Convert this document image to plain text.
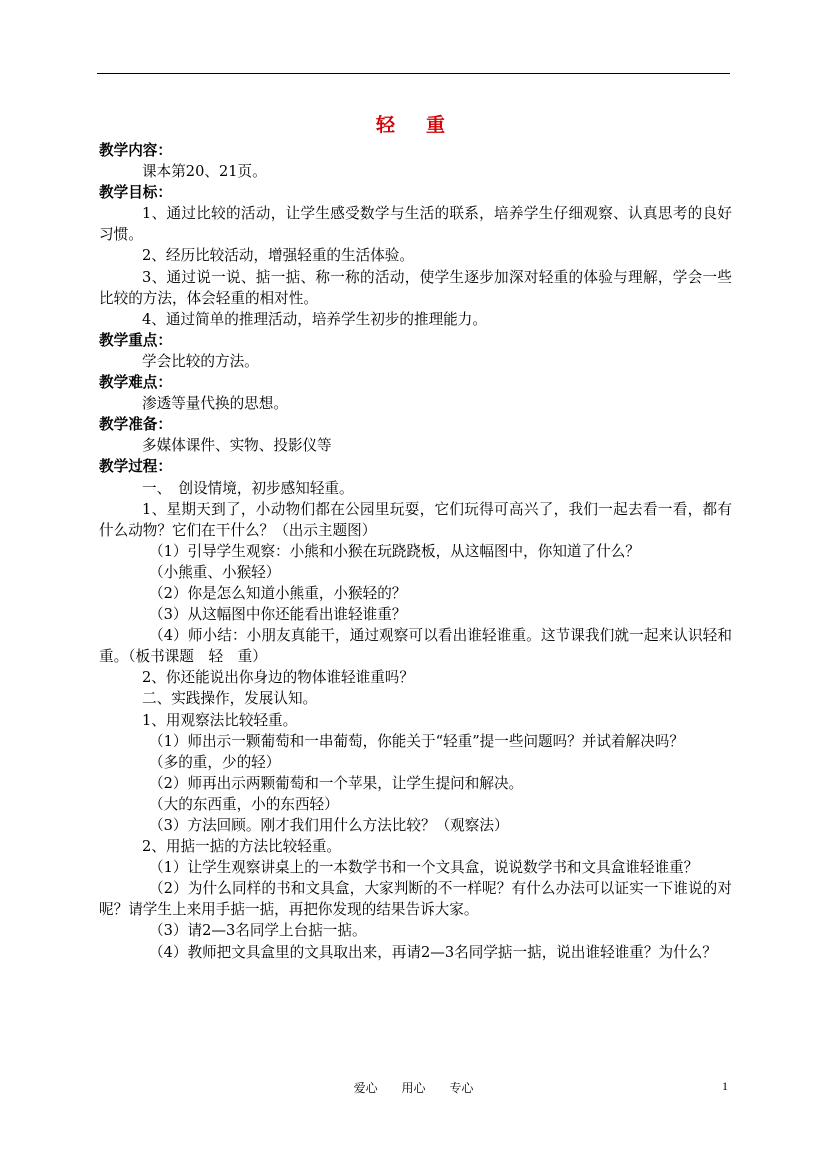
轻　重

教学内容：

课本第20、21页。

教学目标：

1、通过比较的活动，让学生感受数学与生活的联系，培养学生仔细观察、认真思考的良好习惯。

2、经历比较活动，增强轻重的生活体验。

3、通过说一说、掂一掂、称一称的活动，使学生逐步加深对轻重的体验与理解，学会一些比较的方法，体会轻重的相对性。

4、通过简单的推理活动，培养学生初步的推理能力。

教学重点：

学会比较的方法。

教学难点：

渗透等量代换的思想。

教学准备：

多媒体课件、实物、投影仪等

教学过程：

一、　创设情境，初步感知轻重。

1、星期天到了，小动物们都在公园里玩耍，它们玩得可高兴了，我们一起去看一看，都有什么动物？它们在干什么？（出示主题图）

（1）引导学生观察：小熊和小猴在玩跷跷板，从这幅图中，你知道了什么？

（小熊重、小猴轻）

（2）你是怎么知道小熊重，小猴轻的？

（3）从这幅图中你还能看出谁轻谁重？

（4）师小结：小朋友真能干，通过观察可以看出谁轻谁重。这节课我们就一起来认识轻和重。（板书课题　轻　重）

2、你还能说出你身边的物体谁轻谁重吗？

二、实践操作，发展认知。

1、用观察法比较轻重。

（1）师出示一颗葡萄和一串葡萄，你能关于“轻重”提一些问题吗？并试着解决吗？

（多的重，少的轻）

（2）师再出示两颗葡萄和一个苹果，让学生提问和解决。

（大的东西重，小的东西轻）

（3）方法回顾。刚才我们用什么方法比较？（观察法）

2、用掂一掂的方法比较轻重。

（1）让学生观察讲桌上的一本数学书和一个文具盒，说说数学书和文具盒谁轻谁重？

（2）为什么同样的书和文具盒，大家判断的不一样呢？有什么办法可以证实一下谁说的对呢？请学生上来用手掂一掂，再把你发现的结果告诉大家。

（3）请2—3名同学上台掂一掂。

（4）教师把文具盒里的文具取出来，再请2—3名同学掂一掂，说出谁轻谁重？为什么？

爱心 用心 专心	1
